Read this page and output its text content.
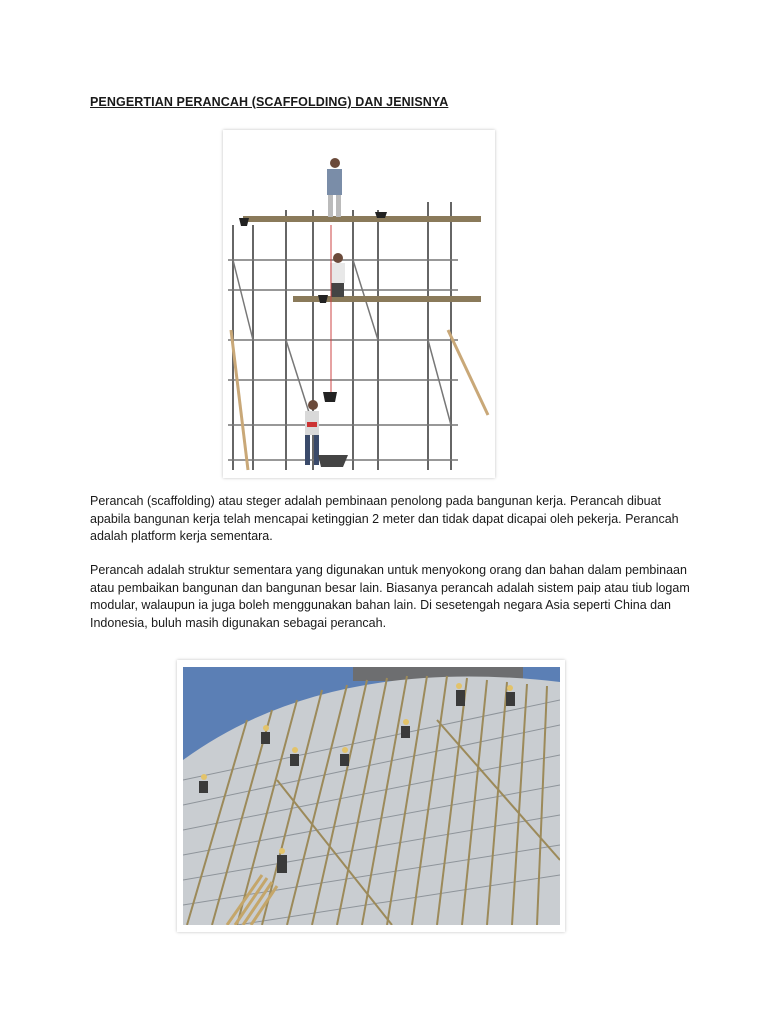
PENGERTIAN PERANCAH (SCAFFOLDING) DAN JENISNYA
Perancah (scaffolding) atau steger adalah pembinaan penolong pada bangunan kerja. Perancah dibuat apabila bangunan kerja telah mencapai ketinggian 2 meter dan tidak dapat dicapai oleh pekerja. Perancah adalah platform kerja sementara.
Perancah adalah struktur sementara yang digunakan untuk menyokong orang dan bahan dalam pembinaan atau pembaikan bangunan dan bangunan besar lain. Biasanya perancah adalah sistem paip atau tiub logam modular, walaupun ia juga boleh menggunakan bahan lain. Di sesetengah negara Asia seperti China dan Indonesia, buluh masih digunakan sebagai perancah.
